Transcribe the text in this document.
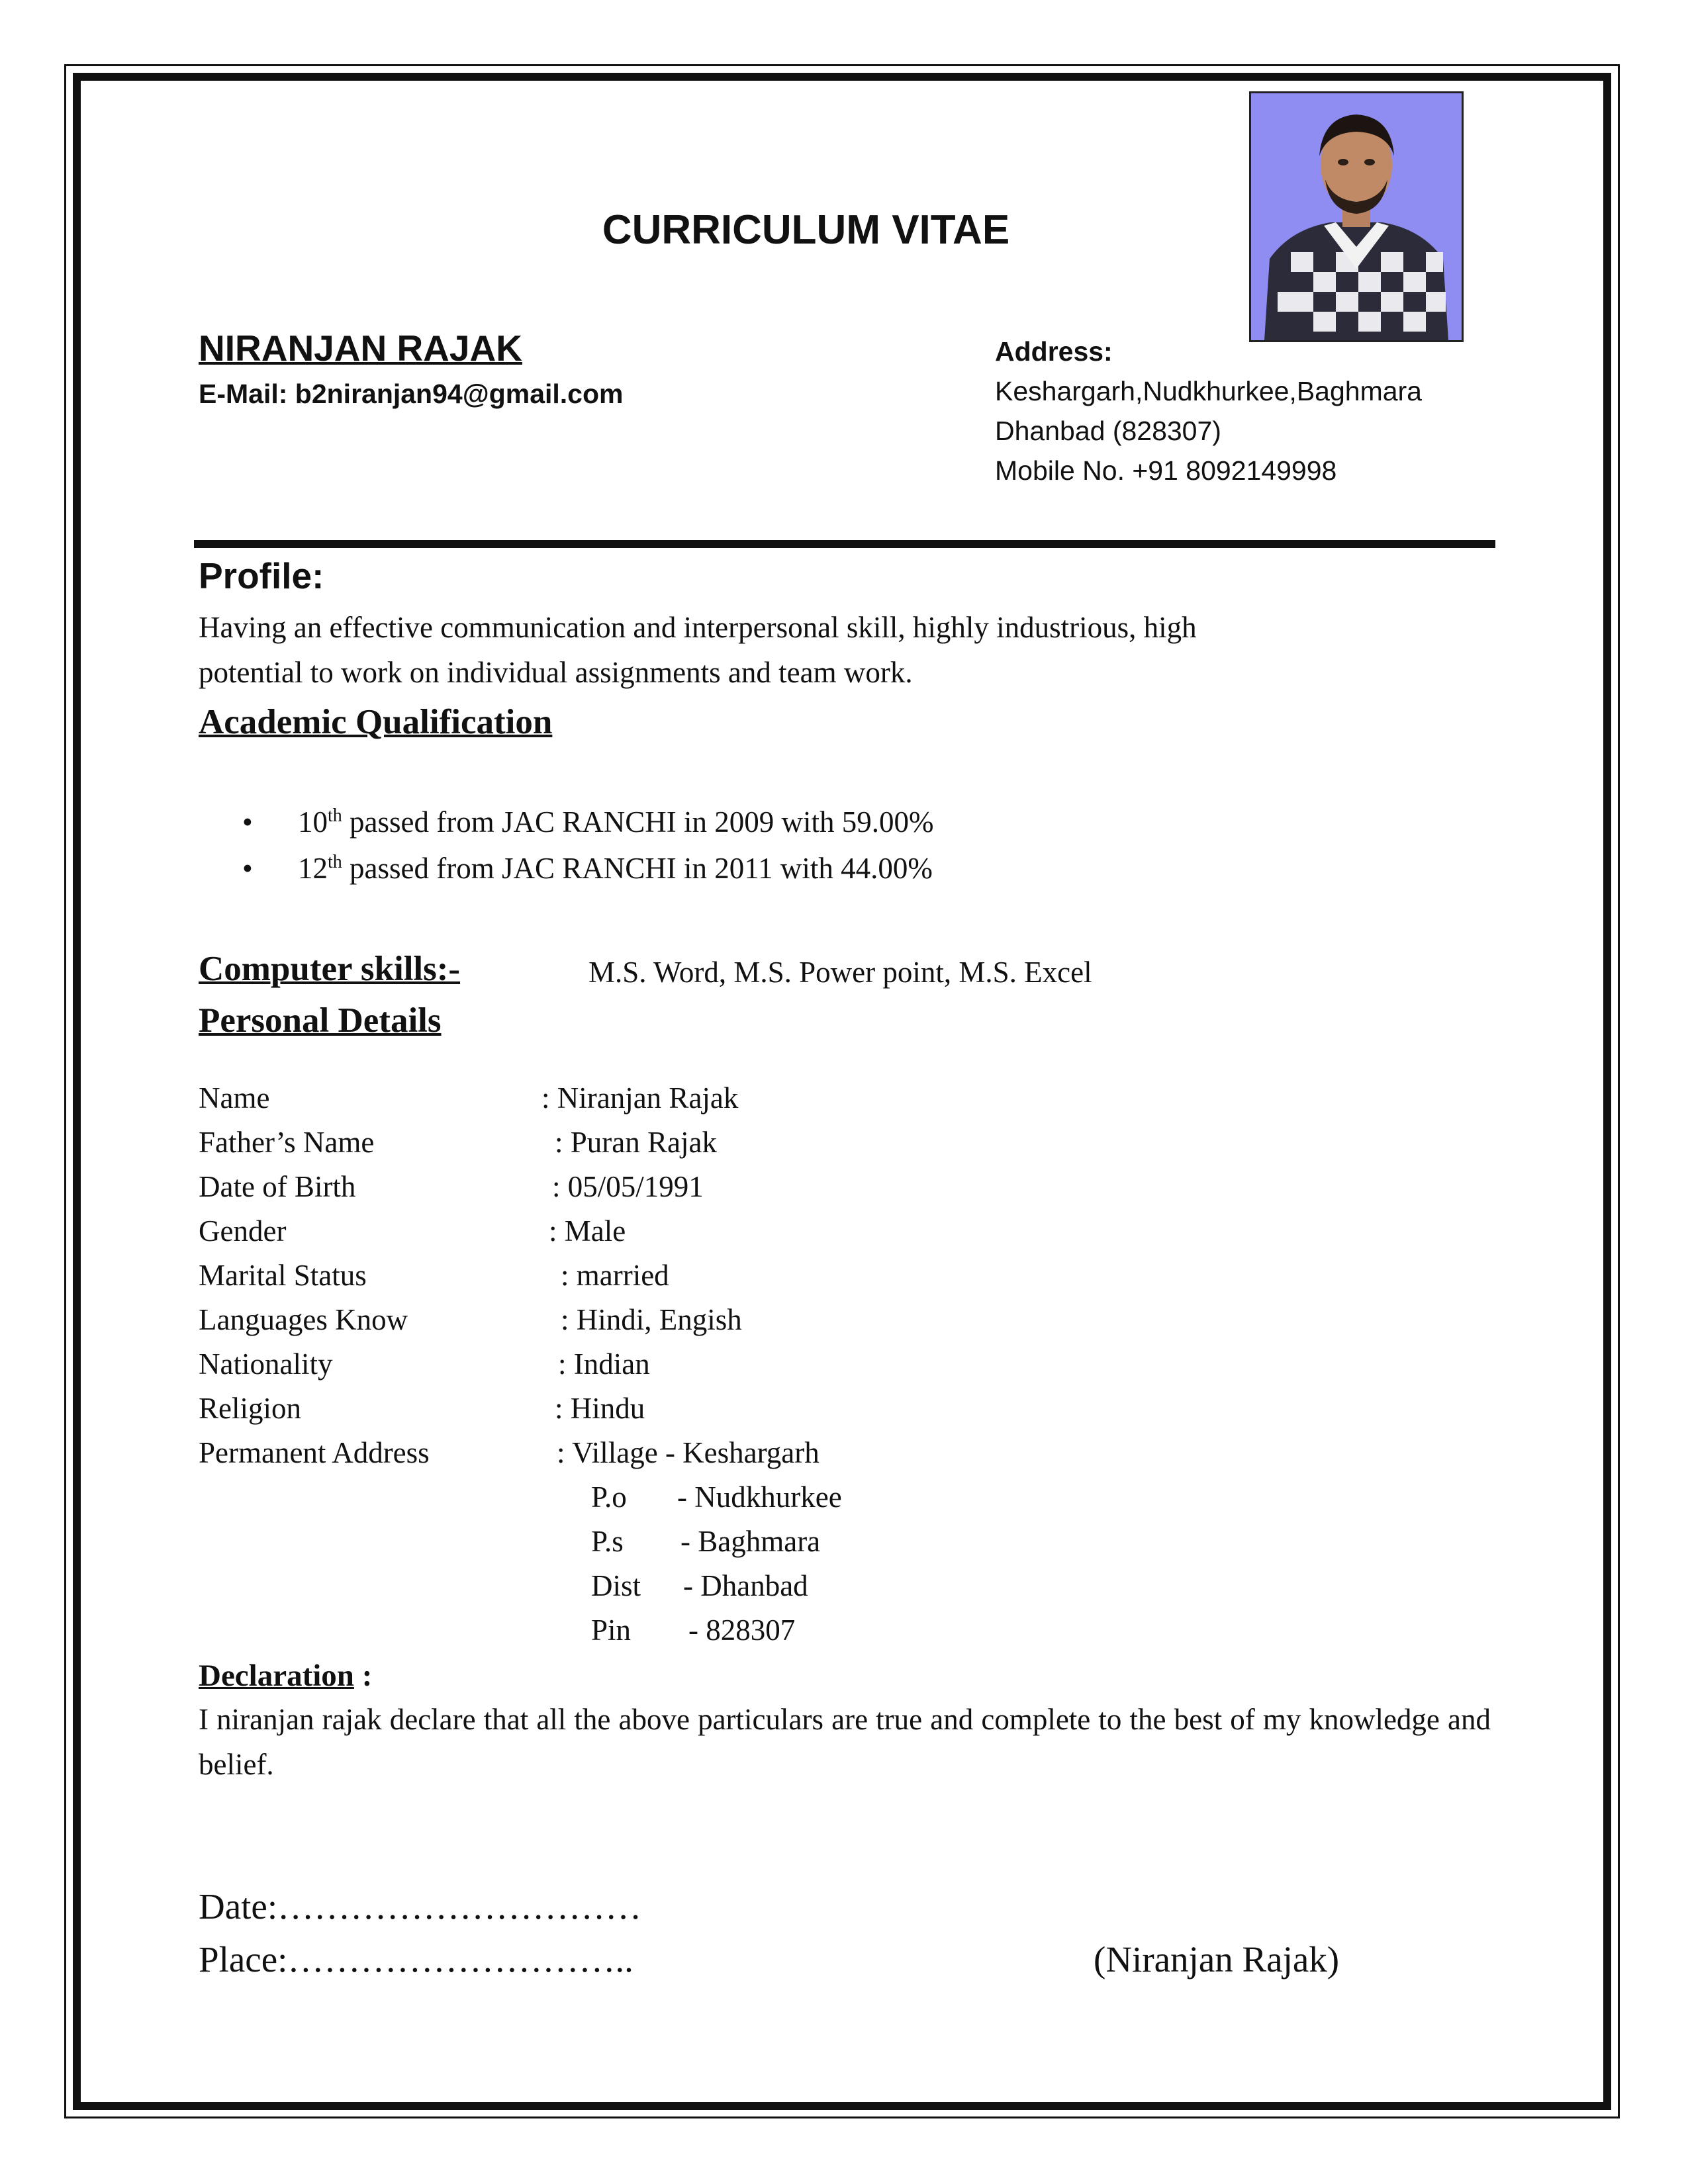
CURRICULUM VITAE
NIRANJAN RAJAK
E-Mail: b2niranjan94@gmail.com
Address:
Keshargarh,Nudkhurkee,Baghmara
Dhanbad (828307)
Mobile No. +91 8092149998
Profile:
Having an effective communication and interpersonal skill, highly industrious, high
potential to work on individual assignments and team work.
Academic Qualification
• 10th passed from JAC RANCHI in 2009 with 59.00%
• 12th passed from JAC RANCHI in 2011 with 44.00%
Computer skills:-	M.S. Word, M.S. Power point, M.S. Excel
Personal Details
Name	: Niranjan Rajak
Father’s Name	: Puran Rajak
Date of Birth	: 05/05/1991
Gender	: Male
Marital Status	: married
Languages Know	: Hindi, Engish
Nationality	: Indian
Religion	: Hindu
Permanent Address	: Village - Keshargarh
P.o - Nudkhurkee
P.s - Baghmara
Dist - Dhanbad
Pin - 828307
Declaration :
I niranjan rajak declare that all the above particulars are true and complete to the best of my knowledge and belief.
Date:…………………………
Place:………………………..	(Niranjan Rajak)
